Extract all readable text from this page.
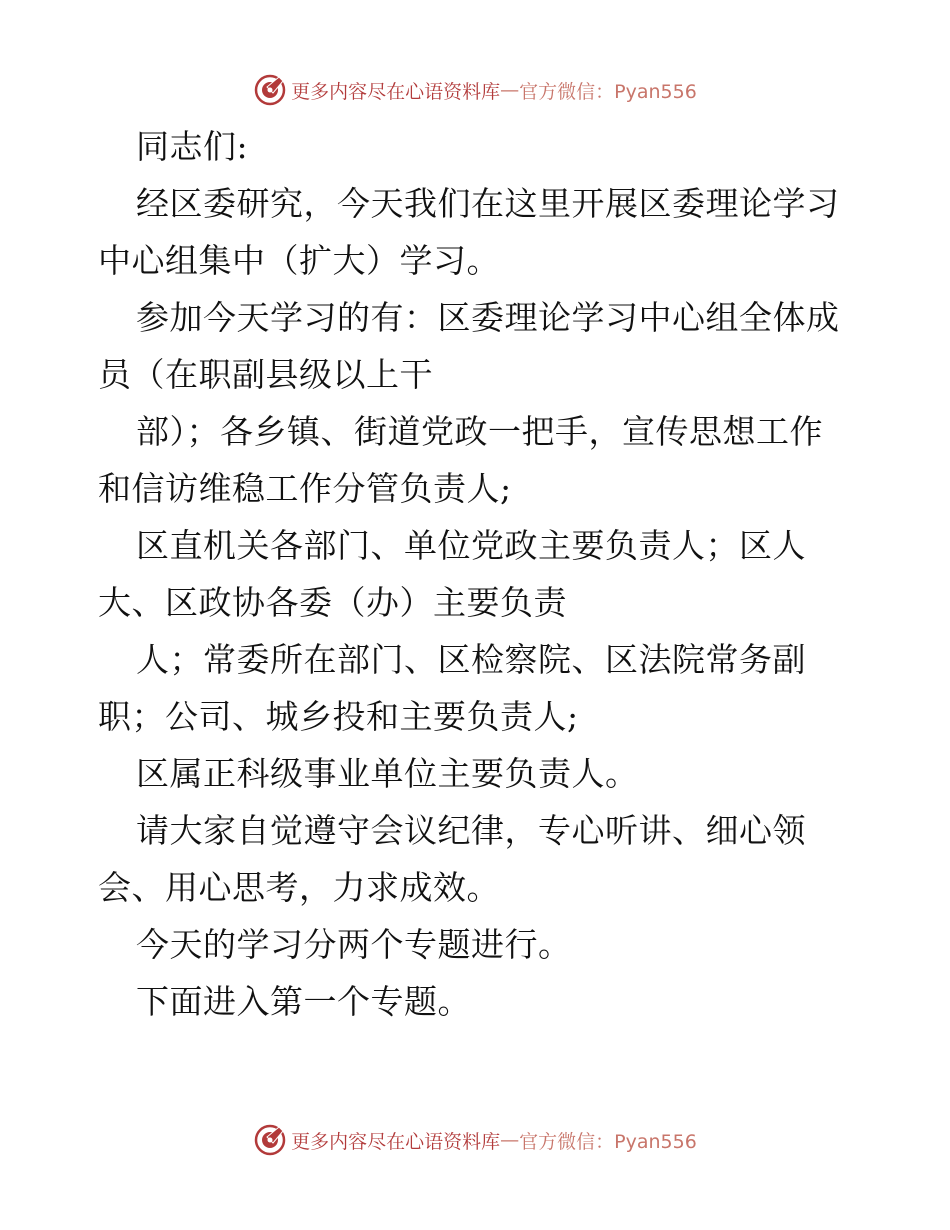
更多内容尽在心语资料库 — 官方微信：Pyan556
同志们:
经区委研究，今天我们在这里开展区委理论学习
中心组集中（扩大）学习。
参加今天学习的有：区委理论学习中心组全体成
员（在职副县级以上干
部）；各乡镇、街道党政一把手，宣传思想工作
和信访维稳工作分管负责人;
区直机关各部门、单位党政主要负责人；区人
大、区政协各委（办）主要负责
人；常委所在部门、区检察院、区法院常务副
职；公司、城乡投和主要负责人;
区属正科级事业单位主要负责人。
请大家自觉遵守会议纪律，专心听讲、细心领
会、用心思考，力求成效。
今天的学习分两个专题进行。
下面进入第一个专题。
更多内容尽在心语资料库 — 官方微信：Pyan556
